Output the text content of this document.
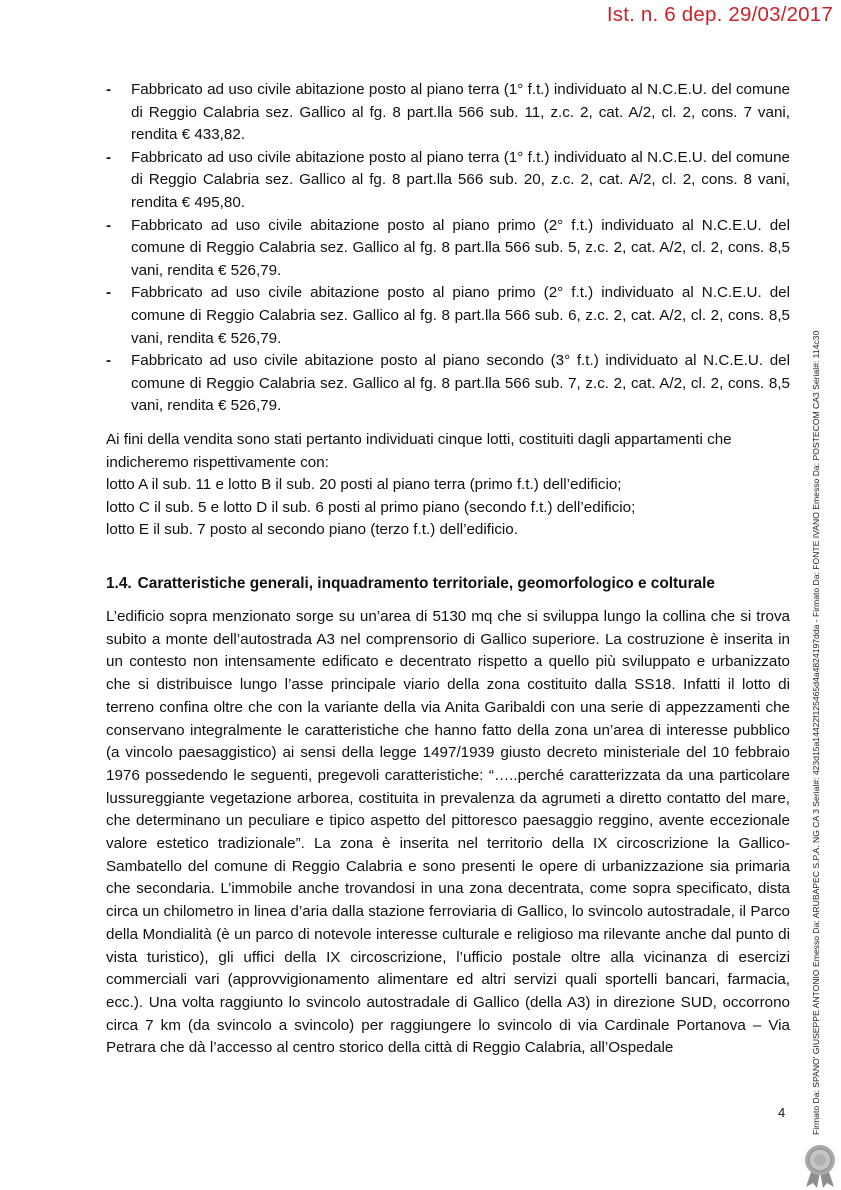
Ist. n. 6 dep. 29/03/2017
- Fabbricato ad uso civile abitazione posto al piano terra (1° f.t.) individuato al N.C.E.U. del comune di Reggio Calabria sez. Gallico al fg. 8 part.lla 566 sub. 11, z.c. 2, cat. A/2, cl. 2, cons. 7 vani, rendita € 433,82.
- Fabbricato ad uso civile abitazione posto al piano terra (1° f.t.) individuato al N.C.E.U. del comune di Reggio Calabria sez. Gallico al fg. 8 part.lla 566 sub. 20, z.c. 2, cat. A/2, cl. 2, cons. 8 vani, rendita € 495,80.
- Fabbricato ad uso civile abitazione posto al piano primo (2° f.t.) individuato al N.C.E.U. del comune di Reggio Calabria sez. Gallico al fg. 8 part.lla 566 sub. 5, z.c. 2, cat. A/2, cl. 2, cons. 8,5 vani, rendita € 526,79.
- Fabbricato ad uso civile abitazione posto al piano primo (2° f.t.) individuato al N.C.E.U. del comune di Reggio Calabria sez. Gallico al fg. 8 part.lla 566 sub. 6, z.c. 2, cat. A/2, cl. 2, cons. 8,5 vani, rendita € 526,79.
- Fabbricato ad uso civile abitazione posto al piano secondo (3° f.t.) individuato al N.C.E.U. del comune di Reggio Calabria sez. Gallico al fg. 8 part.lla 566 sub. 7, z.c. 2, cat. A/2, cl. 2, cons. 8,5 vani, rendita € 526,79.

Ai fini della vendita sono stati pertanto individuati cinque lotti, costituiti dagli appartamenti che indicheremo rispettivamente con:

lotto A il sub. 11 e lotto B il sub. 20 posti al piano terra (primo f.t.) dell’edificio;
lotto C il sub. 5 e lotto D il sub. 6 posti al primo piano (secondo f.t.) dell’edificio;
lotto E il sub. 7 posto al secondo piano (terzo f.t.) dell’edificio.
1.4. Caratteristiche generali, inquadramento territoriale, geomorfologico e colturale

L’edificio sopra menzionato sorge su un’area di 5130 mq che si sviluppa lungo la collina che si trova subito a monte dell’autostrada A3 nel comprensorio di Gallico superiore. La costruzione è inserita in un contesto non intensamente edificato e decentrato rispetto a quello più sviluppato e urbanizzato che si distribuisce lungo l’asse principale viario della zona costituito dalla SS18. Infatti il lotto di terreno confina oltre che con la variante della via Anita Garibaldi con una serie di appezzamenti che conservano integralmente le caratteristiche che hanno fatto della zona un’area di interesse pubblico (a vincolo paesaggistico) ai sensi della legge 1497/1939 giusto decreto ministeriale del 10 febbraio 1976 possedendo le seguenti, pregevoli caratteristiche: “…..perché caratterizzata da una particolare lussureggiante vegetazione arborea, costituita in prevalenza da agrumeti a diretto contatto del mare, che determinano un peculiare e tipico aspetto del pittoresco paesaggio reggino, avente eccezionale valore estetico tradizionale”. La zona è inserita nel territorio della IX circoscrizione la Gallico-Sambatello del comune di Reggio Calabria e sono presenti le opere di urbanizzazione sia primaria che secondaria. L’immobile anche trovandosi in una zona decentrata, come sopra specificato, dista circa un chilometro in linea d’aria dalla stazione ferroviaria di Gallico, lo svincolo autostradale, il Parco della Mondialità (è un parco di notevole interesse culturale e religioso ma rilevante anche dal punto di vista turistico), gli uffici della IX circoscrizione, l’ufficio postale oltre alla vicinanza di esercizi commerciali vari (approvvigionamento alimentare ed altri servizi quali sportelli bancari, farmacia, ecc.). Una volta raggiunto lo svincolo autostradale di Gallico (della A3) in direzione SUD, occorrono circa 7 km (da svincolo a svincolo) per raggiungere lo svincolo di via Cardinale Portanova – Via Petrara che dà l’accesso al centro storico della città di Reggio Calabria, all’Ospedale

4	Firmato Da: SPANO' GIUSEPPE ANTONIO Emesso Da: ARUBAPEC S.P.A. NG CA 3 Serial#: 423d15a14422f125465d4a4824197dda - Firmato Da: FONTE IVANO Emesso Da: POSTECOM CA3 Serial#: 114c30
